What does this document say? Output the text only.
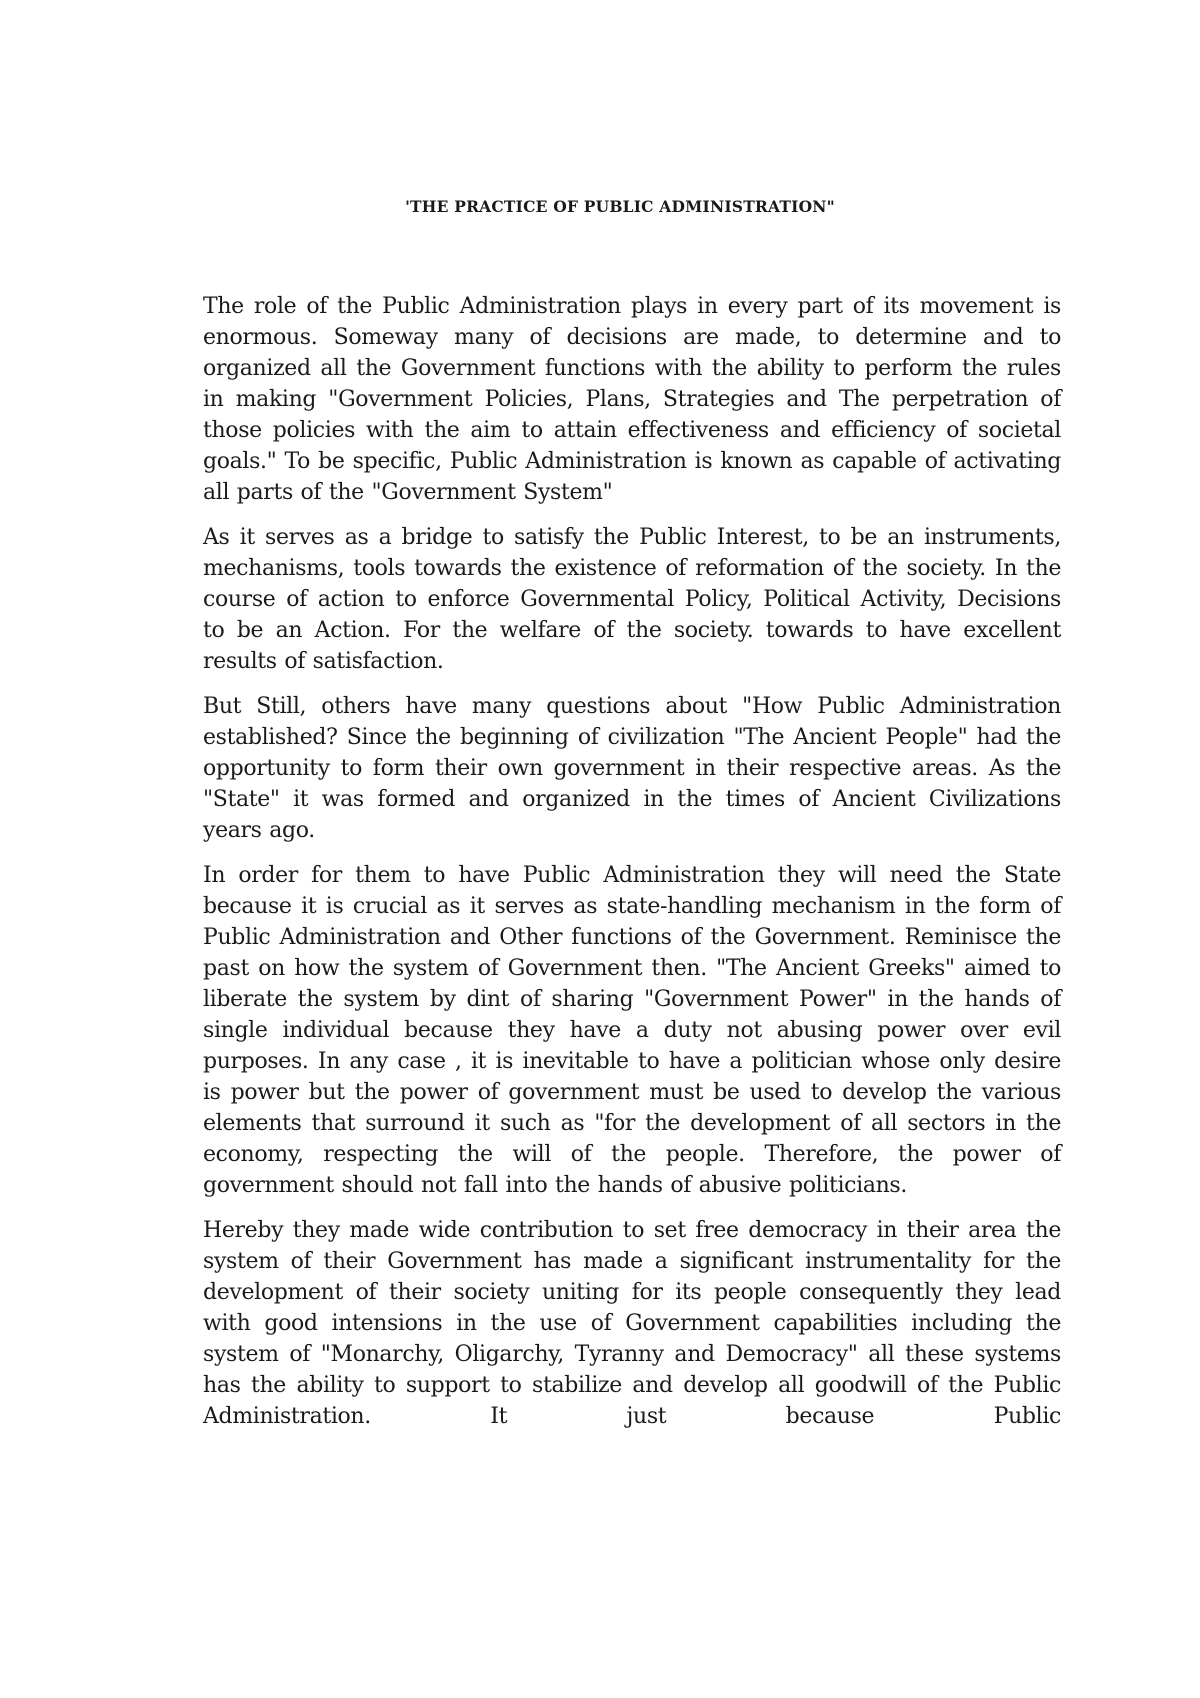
'THE PRACTICE OF PUBLIC ADMINISTRATION"

The role of the Public Administration plays in every part of its movement is enormous. Someway many of decisions are made, to determine and to organized all the Government functions with the ability to perform the rules in making "Government Policies, Plans, Strategies and The perpetration of those policies with the aim to attain effectiveness and efficiency of societal goals." To be specific, Public Administration is known as capable of activating all parts of the "Government System"

As it serves as a bridge to satisfy the Public Interest, to be an instruments, mechanisms, tools towards the existence of reformation of the society. In the course of action to enforce Governmental Policy, Political Activity, Decisions to be an Action. For the welfare of the society. towards to have excellent results of satisfaction.

But Still, others have many questions about "How Public Administration established? Since the beginning of civilization "The Ancient People" had the opportunity to form their own government in their respective areas. As the "State" it was formed and organized in the times of Ancient Civilizations years ago.

In order for them to have Public Administration they will need the State because it is crucial as it serves as state-handling mechanism in the form of Public Administration and Other functions of the Government. Reminisce the past on how the system of Government then. "The Ancient Greeks" aimed to liberate the system by dint of sharing "Government Power" in the hands of single individual because they have a duty not abusing power over evil purposes. In any case , it is inevitable to have a politician whose only desire is power but the power of government must be used to develop the various elements that surround it such as "for the development of all sectors in the economy, respecting the will of the people. Therefore, the power of government should not fall into the hands of abusive politicians.

Hereby they made wide contribution to set free democracy in their area the system of their Government has made a significant instrumentality for the development of their society uniting for its people consequently they lead with good intensions in the use of Government capabilities including the system of "Monarchy, Oligarchy, Tyranny and Democracy" all these systems has the ability to support to stabilize and develop all goodwill of the Public Administration. It just because Public
